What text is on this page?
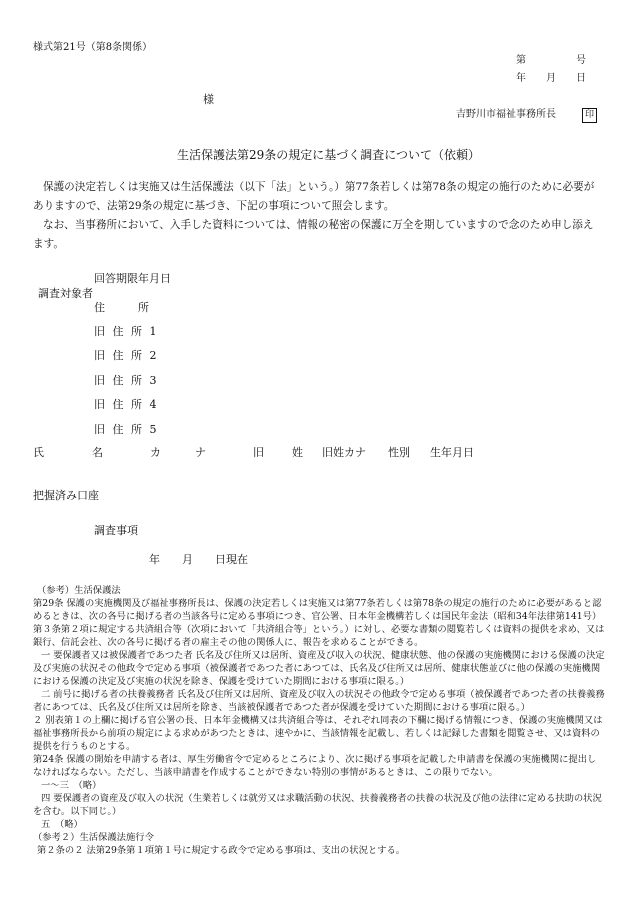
様式第21号（第8条関係）
第　　　　　号
年　　月　　日
様
吉野川市福祉事務所長	印
生活保護法第29条の規定に基づく調査について（依頼）
保護の決定若しくは実施又は生活保護法（以下「法」という。）第77条若しくは第78条の規定の施行のために必要がありますので、法第29条の規定に基づき、下記の事項について照会します。
なお、当事務所において、入手した資料については、情報の秘密の保護に万全を期していますので念のため申し添えます。
回答期限年月日
調査対象者
住　　　所
旧 住 所 1
旧 住 所 2
旧 住 所 3
旧 住 所 4
旧 住 所 5
氏	名	カ	ナ	旧	姓 旧姓カナ 性別 生年月日
把握済み口座
調査事項
年　　月　　日現在
（参考）生活保護法
第29条 保護の実施機関及び福祉事務所長は、保護の決定若しくは実施又は第77条若しくは第78条の規定の施行のために必要があると認めるときは、次の各号に掲げる者の当該各号に定める事項につき、官公署、日本年金機構若しくは国民年金法（昭和34年法律第141号）第３条第２項に規定する共済組合等（次項において「共済組合等」という。）に対し、必要な書類の閲覧若しくは資料の提供を求め、又は銀行、信託会社、次の各号に掲げる者の雇主その他の関係人に、報告を求めることができる。
一 要保護者又は被保護者であつた者 氏名及び住所又は居所、資産及び収入の状況、健康状態、他の保護の実施機関における保護の決定及び実施の状況その他政令で定める事項（被保護者であつた者にあつては、氏名及び住所又は居所、健康状態並びに他の保護の実施機関における保護の決定及び実施の状況を除き、保護を受けていた期間における事項に限る。）
二 前号に掲げる者の扶養義務者 氏名及び住所又は居所、資産及び収入の状況その他政令で定める事項（被保護者であつた者の扶養義務者にあつては、氏名及び住所又は居所を除き、当該被保護者であつた者が保護を受けていた期間における事項に限る。）
２ 別表第１の上欄に掲げる官公署の長、日本年金機構又は共済組合等は、それぞれ同表の下欄に掲げる情報につき、保護の実施機関又は福祉事務所長から前項の規定による求めがあつたときは、速やかに、当該情報を記載し、若しくは記録した書類を閲覧させ、又は資料の提供を行うものとする。
第24条 保護の開始を申請する者は、厚生労働省令で定めるところにより、次に掲げる事項を記載した申請書を保護の実施機関に提出しなければならない。ただし、当該申請書を作成することができない特別の事情があるときは、この限りでない。
一〜三　（略）
四 要保護者の資産及び収入の状況（生業若しくは就労又は求職活動の状況、扶養義務者の扶養の状況及び他の法律に定める扶助の状況を含む。以下同じ。）
五　（略）
（参考２）生活保護法施行令
第２条の２ 法第29条第１項第１号に規定する政令で定める事項は、支出の状況とする。
